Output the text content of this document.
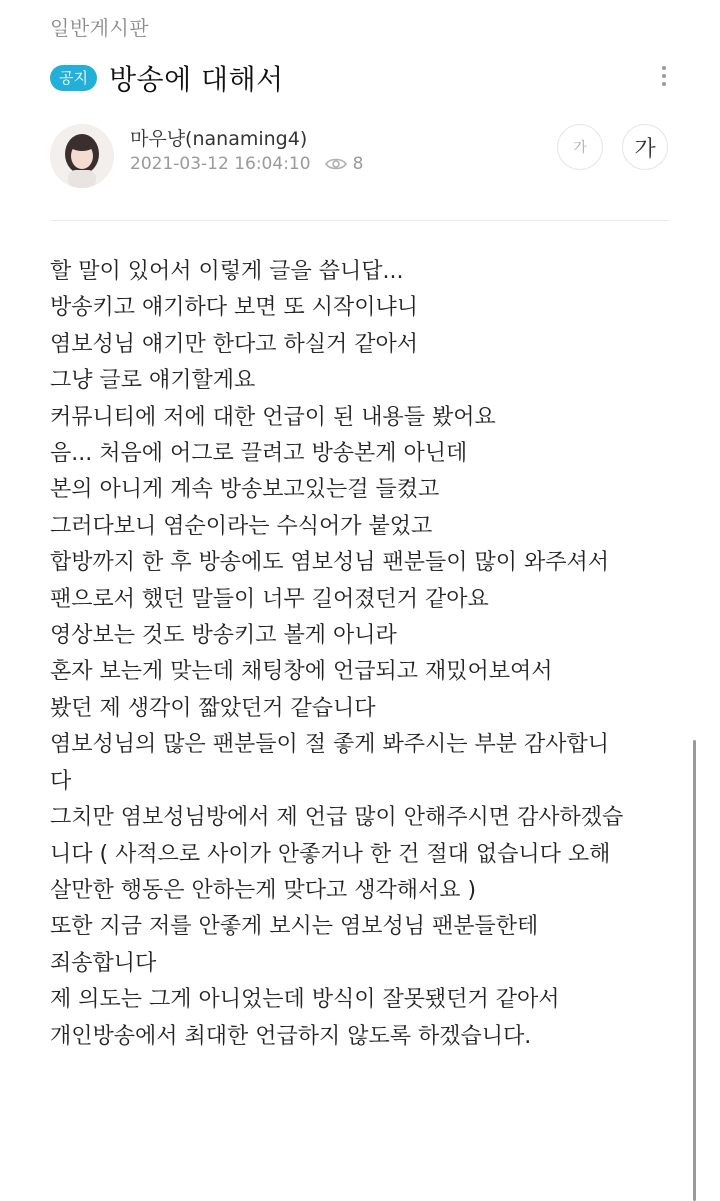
일반게시판
공지 방송에 대해서
마우냥(nanaming4)
2021-03-12 16:04:10 8
가	가

할 말이 있어서 이렇게 글을 씁니답...

방송키고 얘기하다 보면 또 시작이냐니

염보성님 얘기만 한다고 하실거 같아서

그냥 글로 얘기할게요

커뮤니티에 저에 대한 언급이 된 내용들 봤어요

음... 처음에 어그로 끌려고 방송본게 아닌데

본의 아니게 계속 방송보고있는걸 들켰고

그러다보니 염순이라는 수식어가 붙었고

합방까지 한 후 방송에도 염보성님 팬분들이 많이 와주셔서

팬으로서 했던 말들이 너무 길어졌던거 같아요

영상보는 것도 방송키고 볼게 아니라

혼자 보는게 맞는데 채팅창에 언급되고 재밌어보여서

봤던 제 생각이 짧았던거 같습니다

염보성님의 많은 팬분들이 절 좋게 봐주시는 부분 감사합니

다

그치만 염보성님방에서 제 언급 많이 안해주시면 감사하겠습

니다 ( 사적으로 사이가 안좋거나 한 건 절대 없습니다 오해

살만한 행동은 안하는게 맞다고 생각해서요 )

또한 지금 저를 안좋게 보시는 염보성님 팬분들한테

죄송합니다

제 의도는 그게 아니었는데 방식이 잘못됐던거 같아서

개인방송에서 최대한 언급하지 않도록 하겠습니다.
